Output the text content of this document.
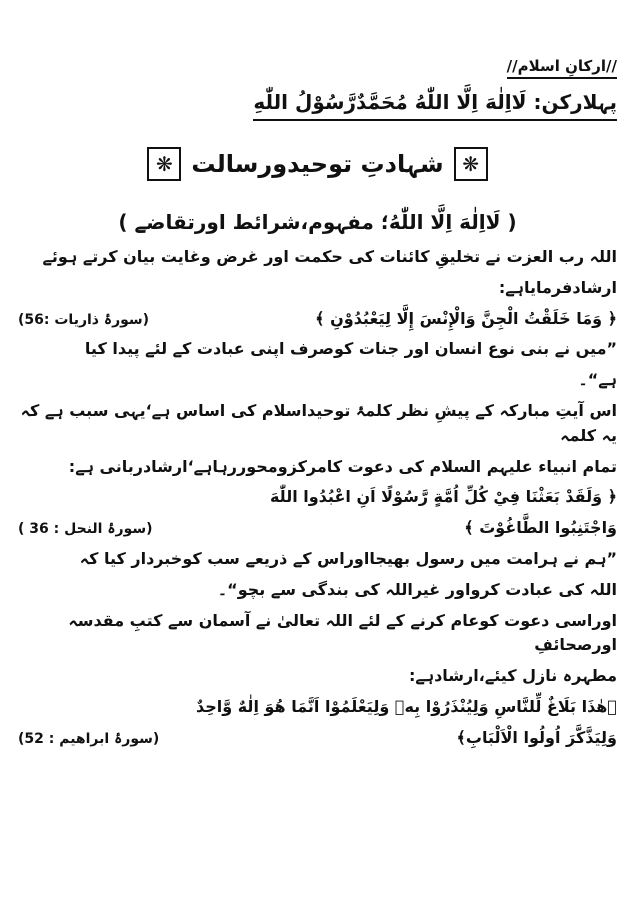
//ارکانِ اسلام//
پہلارکن: لَااِلٰهَ اِلَّا اللّٰهُ مُحَمَّدٌرَّسُوْلُ اللّٰهِ
❋ شہادتِ توحیدورسالت ❋
( لَااِلٰهَ اِلَّا اللّٰهُ؛ مفہوم،شرائط اورتقاضے )
اللہ رب العزت نے تخلیقِ کائنات کی حکمت اور غرض وغایت بیان کرتے ہوئے
ارشادفرمایاہے:
﴿ وَمَا خَلَقْتُ الْجِنَّ وَالْإِنْسَ إِلَّا لِيَعْبُدُوْنِ ﴾
(سورۂ ذاریات :56)
”میں نے بنی نوع انسان اور جنات کوصرف اپنی عبادت کے لئے پیدا کیا
ہے“۔
اس آیتِ مبارکہ کے پیشِ نظر کلمۂ توحیداسلام کی اساس ہے‘یہی سبب ہے کہ یہ کلمہ
تمام انبیاء علیہم السلام کی دعوت کامرکزومحوررہاہے‘ارشادربانی ہے:
﴿ وَلَقَدْ بَعَثْنَا فِيْ كُلِّ اُمَّةٍ رَّسُوْلًا اَنِ اعْبُدُوا اللّٰهَ
وَاجْتَنِبُوا الطَّاغُوْتَ ﴾
(سورۂ النحل : 36 )
”ہم نے ہرامت میں رسول بھیجااوراس کے ذریعے سب کوخبردار کیا کہ
اللہ کی عبادت کرواور غیراللہ کی بندگی سے بچو“۔
اوراسی دعوت کوعام کرنے کے لئے اللہ تعالیٰ نے آسمان سے کتبِ مقدسہ اورصحائفِ
مطہرہ نازل کیئے،ارشادہے:
﴿هٰذَا بَلَاغٌ لِّلنَّاسِ وَلِيُنْذَرُوْا بِهٖ وَلِيَعْلَمُوْا اَنَّمَا هُوَ اِلٰهٌ وَّاحِدٌ
وَلِيَذَّكَّرَ اُولُوا الْاَلْبَابِ﴾
(سورۂ ابراهيم : 52)
